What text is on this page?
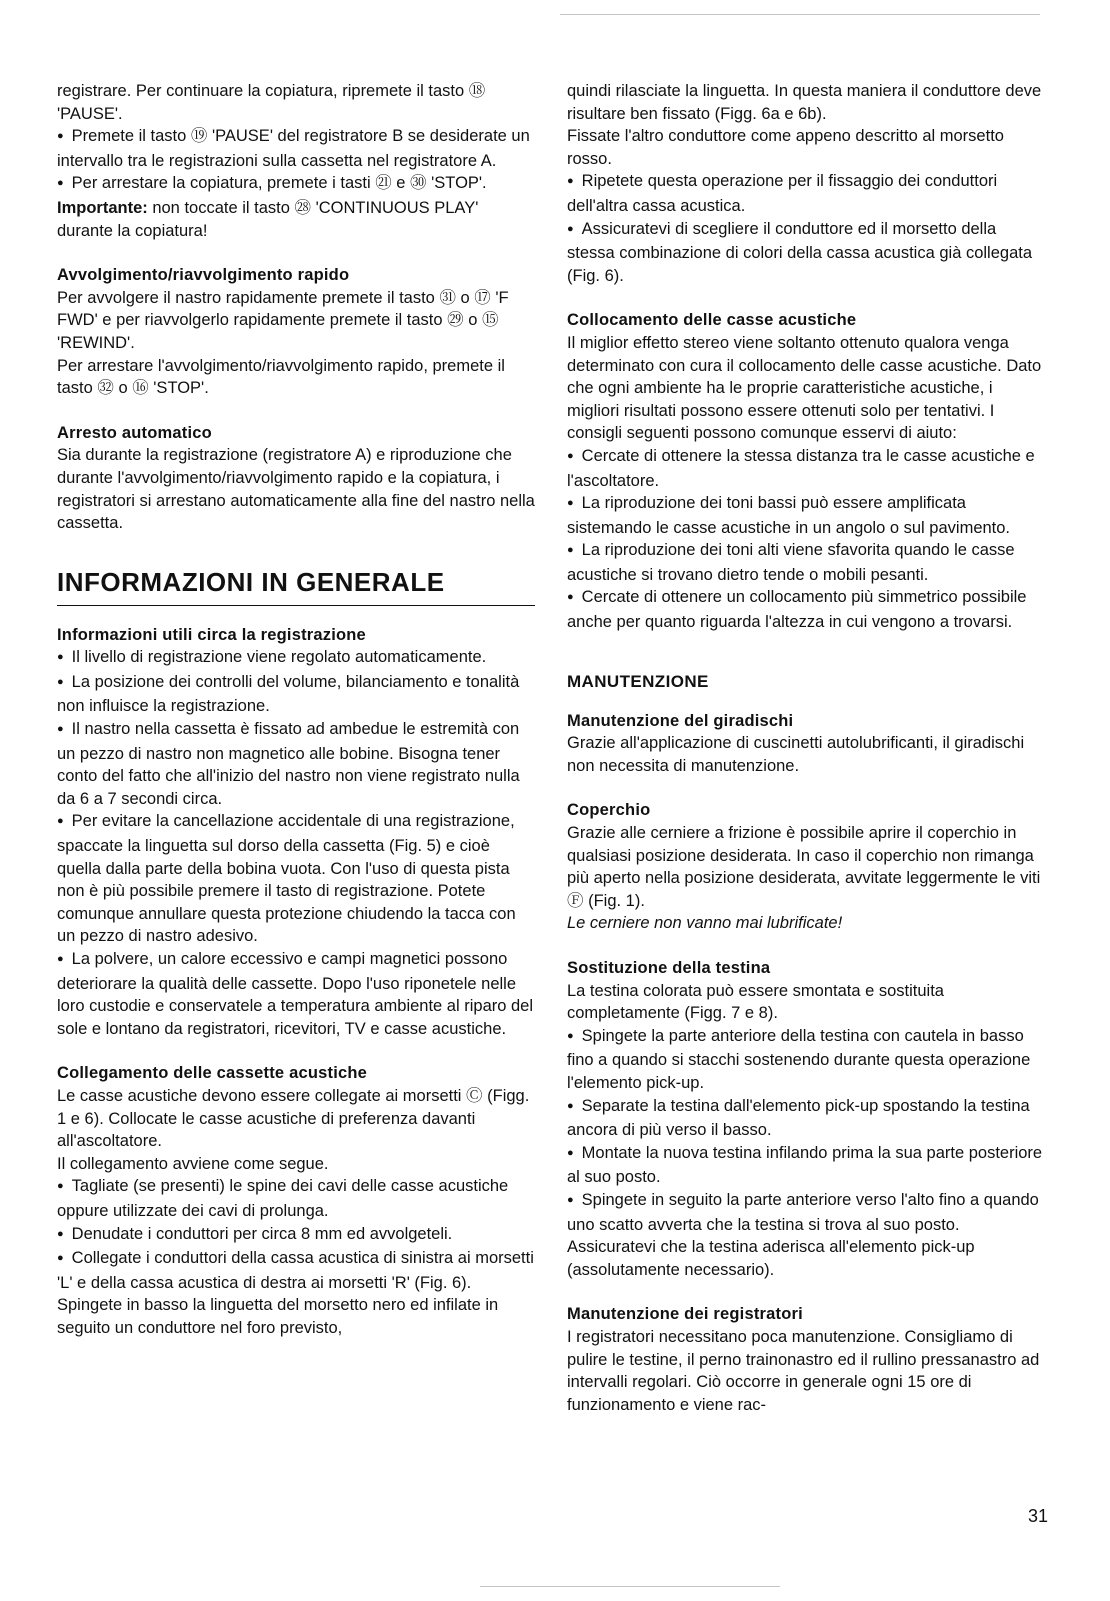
registrare. Per continuare la copiatura, ripremete il tasto ⑱ 'PAUSE'.

● Premete il tasto ⑲ 'PAUSE' del registratore B se desiderate un intervallo tra le registrazioni sulla cassetta nel registratore A.

● Per arrestare la copiatura, premete i tasti ㉑ e ㉚ 'STOP'.

Importante: non toccate il tasto ㉘ 'CONTINUOUS PLAY' durante la copiatura!

Avvolgimento/riavvolgimento rapido

Per avvolgere il nastro rapidamente premete il tasto ㉛ o ⑰ 'F FWD' e per riavvolgerlo rapidamente premete il tasto ㉙ o ⑮ 'REWIND'.

Per arrestare l'avvolgimento/riavvolgimento rapido, premete il tasto ㉜ o ⑯ 'STOP'.

Arresto automatico

Sia durante la registrazione (registratore A) e riproduzione che durante l'avvolgimento/riavvolgimento rapido e la copiatura, i registratori si arrestano automaticamente alla fine del nastro nella cassetta.

INFORMAZIONI IN GENERALE

Informazioni utili circa la registrazione

● Il livello di registrazione viene regolato automaticamente.

● La posizione dei controlli del volume, bilanciamento e tonalità non influisce la registrazione.

● Il nastro nella cassetta è fissato ad ambedue le estremità con un pezzo di nastro non magnetico alle bobine. Bisogna tener conto del fatto che all'inizio del nastro non viene registrato nulla da 6 a 7 secondi circa.

● Per evitare la cancellazione accidentale di una registrazione, spaccate la linguetta sul dorso della cassetta (Fig. 5) e cioè quella dalla parte della bobina vuota. Con l'uso di questa pista non è più possibile premere il tasto di registrazione. Potete comunque annullare questa protezione chiudendo la tacca con un pezzo di nastro adesivo.

● La polvere, un calore eccessivo e campi magnetici possono deteriorare la qualità delle cassette. Dopo l'uso riponetele nelle loro custodie e conservatele a temperatura ambiente al riparo del sole e lontano da registratori, ricevitori, TV e casse acustiche.

Collegamento delle cassette acustiche

Le casse acustiche devono essere collegate ai morsetti Ⓒ (Figg. 1 e 6). Collocate le casse acustiche di preferenza davanti all'ascoltatore.

Il collegamento avviene come segue.

● Tagliate (se presenti) le spine dei cavi delle casse acustiche oppure utilizzate dei cavi di prolunga.

● Denudate i conduttori per circa 8 mm ed avvolgeteli.

● Collegate i conduttori della cassa acustica di sinistra ai morsetti 'L' e della cassa acustica di destra ai morsetti 'R' (Fig. 6). Spingete in basso la linguetta del morsetto nero ed infilate in seguito un conduttore nel foro previsto,

quindi rilasciate la linguetta. In questa maniera il conduttore deve risultare ben fissato (Figg. 6a e 6b).

Fissate l'altro conduttore come appeno descritto al morsetto rosso.

● Ripetete questa operazione per il fissaggio dei conduttori dell'altra cassa acustica.

● Assicuratevi di scegliere il conduttore ed il morsetto della stessa combinazione di colori della cassa acustica già collegata (Fig. 6).

Collocamento delle casse acustiche

Il miglior effetto stereo viene soltanto ottenuto qualora venga determinato con cura il collocamento delle casse acustiche. Dato che ogni ambiente ha le proprie caratteristiche acustiche, i migliori risultati possono essere ottenuti solo per tentativi. I consigli seguenti possono comunque esservi di aiuto:

● Cercate di ottenere la stessa distanza tra le casse acustiche e l'ascoltatore.

● La riproduzione dei toni bassi può essere amplificata sistemando le casse acustiche in un angolo o sul pavimento.

● La riproduzione dei toni alti viene sfavorita quando le casse acustiche si trovano dietro tende o mobili pesanti.

● Cercate di ottenere un collocamento più simmetrico possibile anche per quanto riguarda l'altezza in cui vengono a trovarsi.

MANUTENZIONE

Manutenzione del giradischi

Grazie all'applicazione di cuscinetti autolubrificanti, il giradischi non necessita di manutenzione.

Coperchio

Grazie alle cerniere a frizione è possibile aprire il coperchio in qualsiasi posizione desiderata. In caso il coperchio non rimanga più aperto nella posizione desiderata, avvitate leggermente le viti Ⓕ (Fig. 1).

Le cerniere non vanno mai lubrificate!

Sostituzione della testina

La testina colorata può essere smontata e sostituita completamente (Figg. 7 e 8).

● Spingete la parte anteriore della testina con cautela in basso fino a quando si stacchi sostenendo durante questa operazione l'elemento pick-up.

● Separate la testina dall'elemento pick-up spostando la testina ancora di più verso il basso.

● Montate la nuova testina infilando prima la sua parte posteriore al suo posto.

● Spingete in seguito la parte anteriore verso l'alto fino a quando uno scatto avverta che la testina si trova al suo posto. Assicuratevi che la testina aderisca all'elemento pick-up (assolutamente necessario).

Manutenzione dei registratori

I registratori necessitano poca manutenzione. Consigliamo di pulire le testine, il perno trainonastro ed il rullino pressanastro ad intervalli regolari. Ciò occorre in generale ogni 15 ore di funzionamento e viene rac-

31
